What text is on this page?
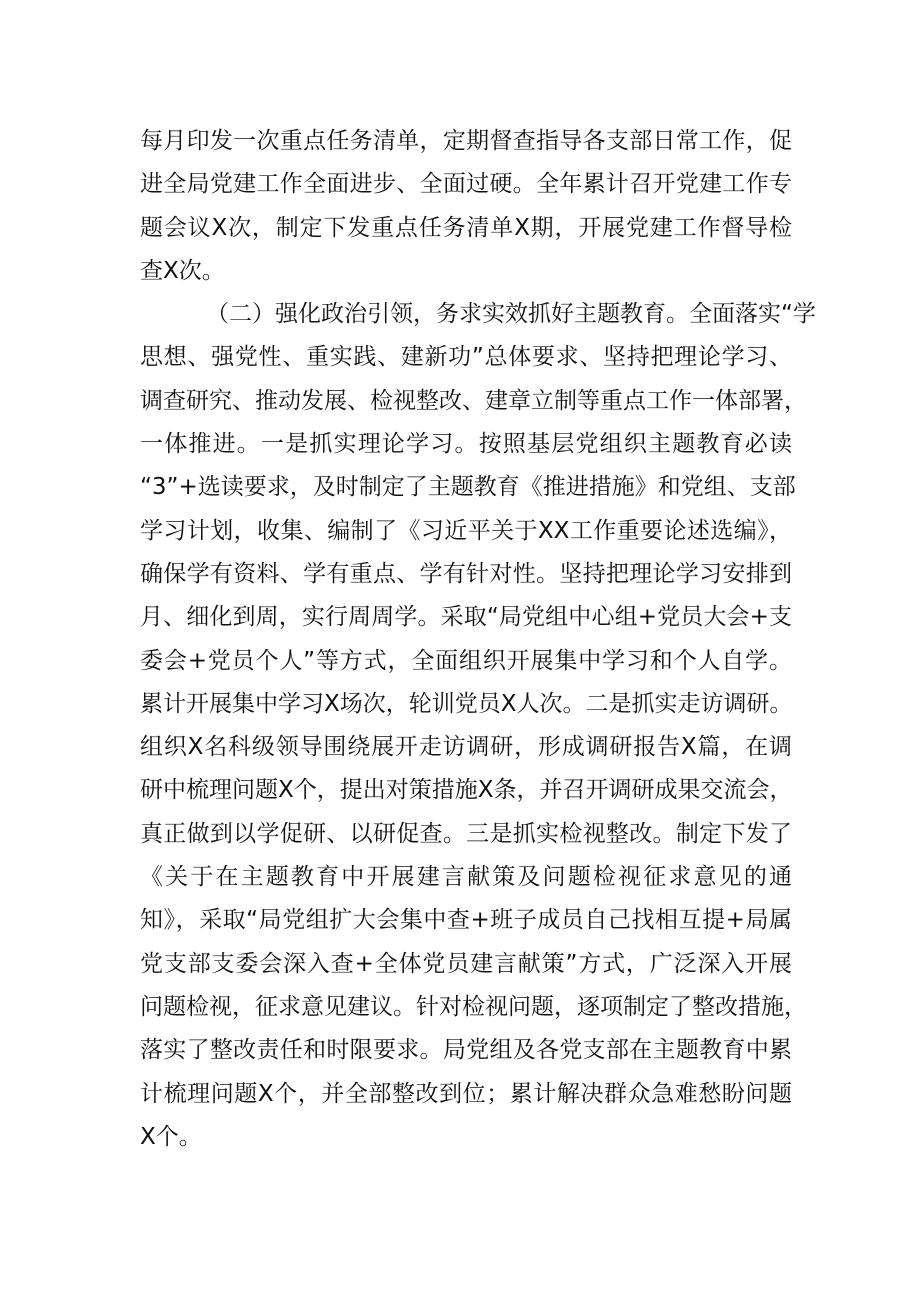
每月印发一次重点任务清单，定期督查指导各支部日常工作，促
进全局党建工作全面进步、全面过硬。全年累计召开党建工作专
题会议X次，制定下发重点任务清单X期，开展党建工作督导检
查X次。
（二）强化政治引领，务求实效抓好主题教育。全面落实“学
思想、强党性、重实践、建新功”总体要求、坚持把理论学习、
调查研究、推动发展、检视整改、建章立制等重点工作一体部署，
一体推进。一是抓实理论学习。按照基层党组织主题教育必读
“3”+选读要求，及时制定了主题教育《推进措施》和党组、支部
学习计划，收集、编制了《习近平关于XX工作重要论述选编》，
确保学有资料、学有重点、学有针对性。坚持把理论学习安排到
月、细化到周，实行周周学。采取“局党组中心组+党员大会+支
委会+党员个人”等方式，全面组织开展集中学习和个人自学。
累计开展集中学习X场次，轮训党员X人次。二是抓实走访调研。
组织X名科级领导围绕展开走访调研，形成调研报告X篇，在调
研中梳理问题X个，提出对策措施X条，并召开调研成果交流会，
真正做到以学促研、以研促查。三是抓实检视整改。制定下发了
《关于在主题教育中开展建言献策及问题检视征求意见的通
知》，采取“局党组扩大会集中查+班子成员自己找相互提+局属
党支部支委会深入查+全体党员建言献策”方式，广泛深入开展
问题检视，征求意见建议。针对检视问题，逐项制定了整改措施，
落实了整改责任和时限要求。局党组及各党支部在主题教育中累
计梳理问题X个，并全部整改到位；累计解决群众急难愁盼问题
X个。
